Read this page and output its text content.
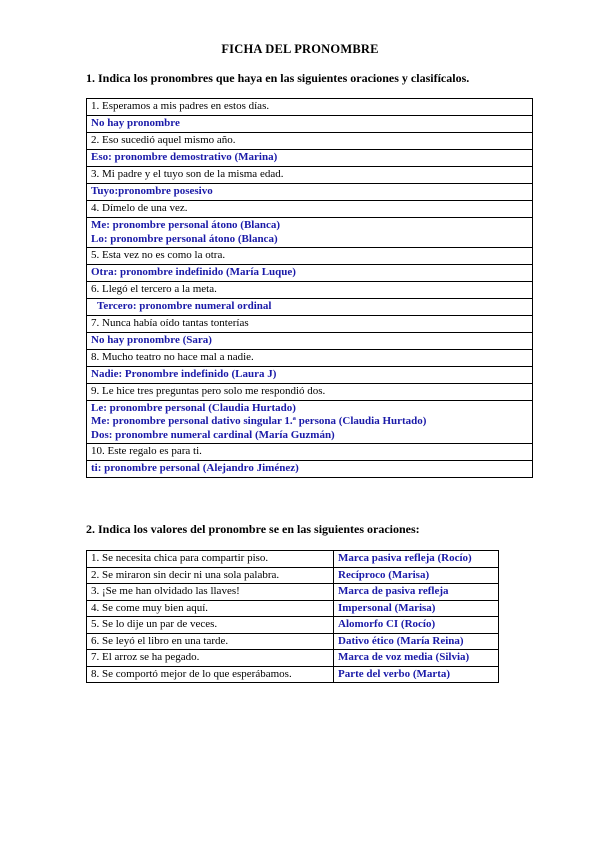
FICHA DEL PRONOMBRE
1. Indica los pronombres que haya en las siguientes oraciones y clasifícalos.
1. Esperamos a mis padres en estos días.

No hay pronombre

2. Eso sucedió aquel mismo año.

Eso: pronombre demostrativo (Marina)

3. Mi padre y el tuyo son de la misma edad.

Tuyo:pronombre posesivo

4. Dímelo de una vez.

Me: pronombre personal átono (Blanca)
Lo: pronombre personal átono (Blanca)

5. Esta vez no es como la otra.

Otra: pronombre indefinido (María Luque)

6. Llegó el tercero a la meta.

Tercero: pronombre numeral ordinal

7. Nunca había oído tantas tonterías

No hay pronombre (Sara)

8. Mucho teatro no hace mal a nadie.

Nadie: Pronombre indefinido (Laura J)

9. Le hice tres preguntas pero solo me respondió dos.

Le: pronombre personal (Claudia Hurtado)
Me: pronombre personal dativo singular 1.ª persona (Claudia Hurtado)
Dos: pronombre numeral cardinal (María Guzmán)

10. Este regalo es para ti.

ti: pronombre personal (Alejandro Jiménez)
2. Indica los valores del pronombre se en las siguientes oraciones:
1. Se necesita chica para compartir piso.	Marca pasiva refleja (Rocío)
2. Se miraron sin decir ni una sola palabra.	Recíproco (Marisa)
3. ¡Se me han olvidado las llaves!	Marca de pasiva refleja
4. Se come muy bien aquí.	Impersonal (Marisa)
5. Se lo dije un par de veces.	Alomorfo CI (Rocío)
6. Se leyó el libro en una tarde.	Dativo ético (María Reina)
7. El arroz se ha pegado.	Marca de voz media (Silvia)
8. Se comportó mejor de lo que esperábamos.	Parte del verbo (Marta)
